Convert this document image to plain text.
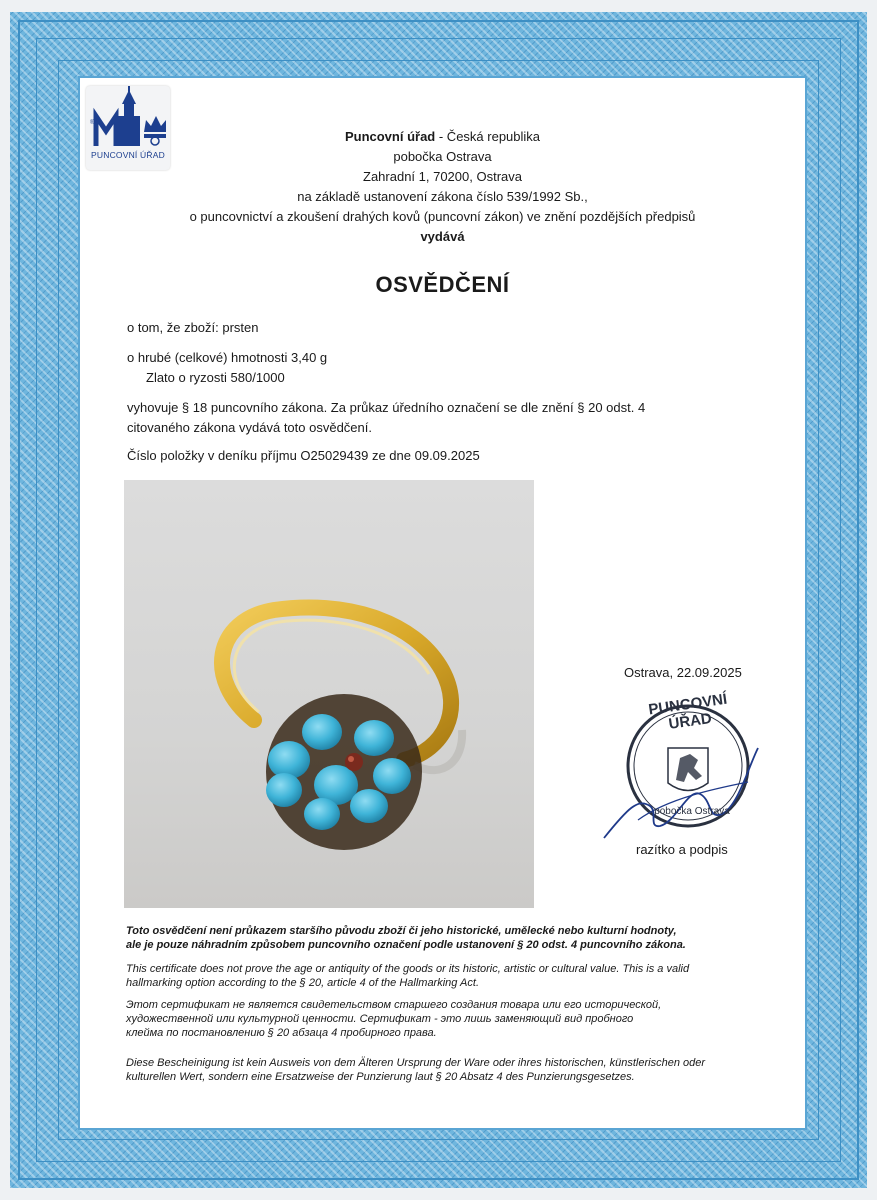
®
PUNCOVNÍ ÚŘAD
Puncovní úřad - Česká republika
pobočka Ostrava
Zahradní 1, 70200, Ostrava
na základě ustanovení zákona číslo 539/1992 Sb.,
o puncovnictví a zkoušení drahých kovů (puncovní zákon) ve znění pozdějších předpisů
vydává
OSVĚDČENÍ
o tom, že zboží: prsten
o hrubé (celkové) hmotnosti 3,40 g
Zlato o ryzosti 580/1000
vyhovuje § 18 puncovního zákona. Za průkaz úředního označení se dle znění § 20 odst. 4
citovaného zákona vydává toto osvědčení.
Číslo položky v deníku příjmu O25029439 ze dne 09.09.2025
Ostrava, 22.09.2025
PUNCOVNÍ ÚŘAD
pobočka Ostrava
razítko a podpis
Toto osvědčení není průkazem staršího původu zboží či jeho historické, umělecké nebo kulturní hodnoty,
ale je pouze náhradním způsobem puncovního označení podle ustanovení § 20 odst. 4 puncovního zákona.
This certificate does not prove the age or antiquity of the goods or its historic, artistic or cultural value. This is a valid
hallmarking option according to the § 20, article 4 of the Hallmarking Act.
Этот сертификат не является свидетельством старшего создания товара или его исторической,
художественной или культурной ценности. Сертификат - это лишь заменяющий вид пробного
клейма по постановлению § 20 абзаца 4 пробирного права.
Diese Bescheinigung ist kein Ausweis von dem Älteren Ursprung der Ware oder ihres historischen, künstlerischen oder
kulturellen Wert, sondern eine Ersatzweise der Punzierung laut § 20 Absatz 4 des Punzierungsgesetzes.
